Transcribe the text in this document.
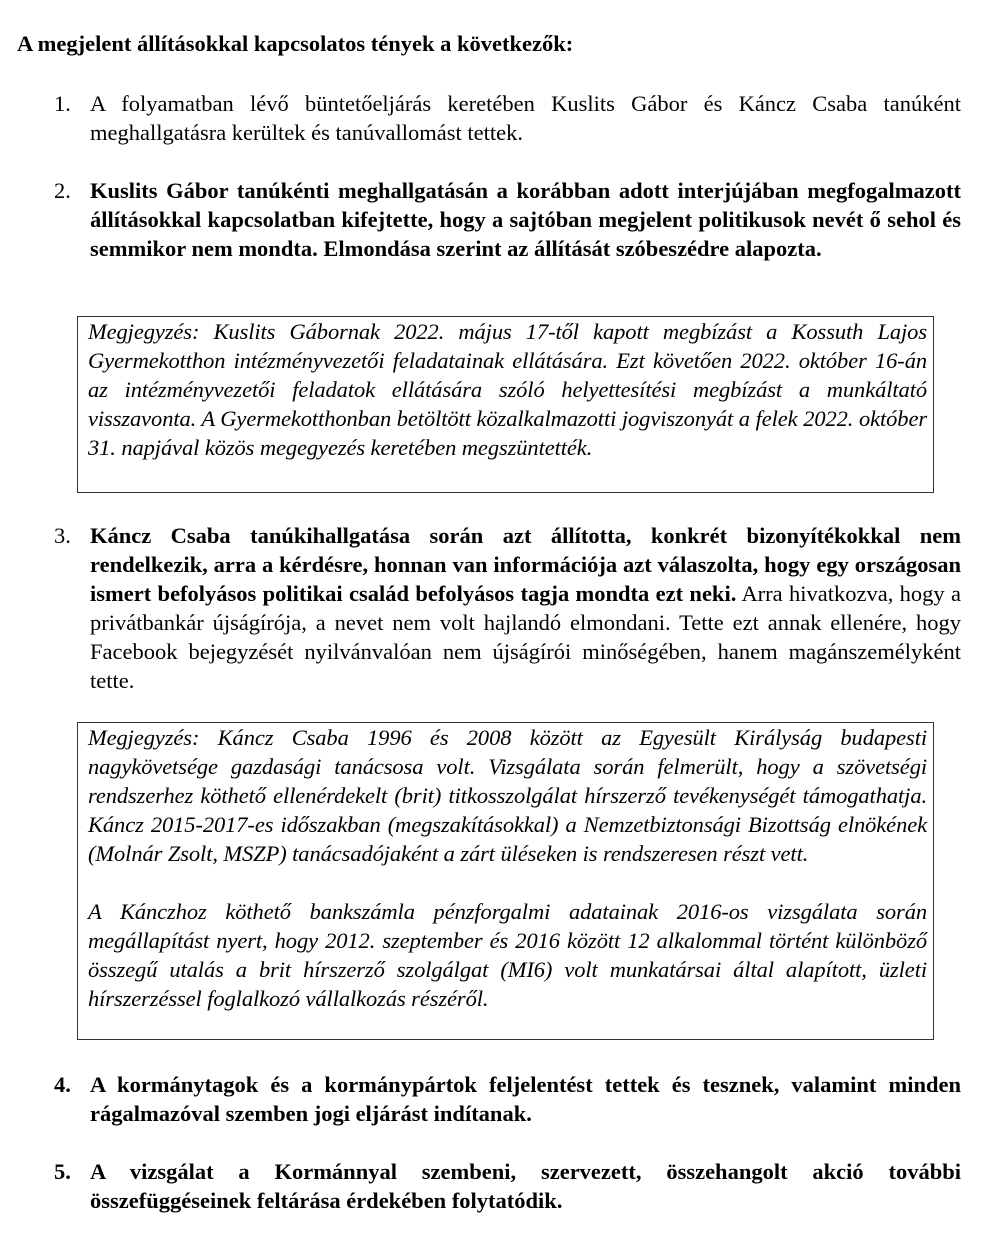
A megjelent állításokkal kapcsolatos tények a következők:

1. A folyamatban lévő büntetőeljárás keretében Kuslits Gábor és Káncz Csaba tanúként meghallgatásra kerültek és tanúvallomást tettek.
2. Kuslits Gábor tanúkénti meghallgatásán a korábban adott interjújában megfogalmazott állításokkal kapcsolatban kifejtette, hogy a sajtóban megjelent politikusok nevét ő sehol és semmikor nem mondta. Elmondása szerint az állítását szóbeszédre alapozta.

Megjegyzés: Kuslits Gábornak 2022. május 17-től kapott megbízást a Kossuth Lajos Gyermekotthon intézményvezetői feladatainak ellátására. Ezt követően 2022. október 16-án az intézményvezetői feladatok ellátására szóló helyettesítési megbízást a munkáltató visszavonta. A Gyermekotthonban betöltött közalkalmazotti jogviszonyát a felek 2022. október 31. napjával közös megegyezés keretében megszüntették.

3. Káncz Csaba tanúkihallgatása során azt állította, konkrét bizonyítékokkal nem rendelkezik, arra a kérdésre, honnan van információja azt válaszolta, hogy egy országosan ismert befolyásos politikai család befolyásos tagja mondta ezt neki. Arra hivatkozva, hogy a privátbankár újságírója, a nevet nem volt hajlandó elmondani. Tette ezt annak ellenére, hogy Facebook bejegyzését nyilvánvalóan nem újságírói minőségében, hanem magánszemélyként tette.

Megjegyzés: Káncz Csaba 1996 és 2008 között az Egyesült Királyság budapesti nagykövetsége gazdasági tanácsosa volt. Vizsgálata során felmerült, hogy a szövetségi rendszerhez köthető ellenérdekelt (brit) titkosszolgálat hírszerző tevékenységét támogathatja. Káncz 2015-2017-es időszakban (megszakításokkal) a Nemzetbiztonsági Bizottság elnökének (Molnár Zsolt, MSZP) tanácsadójaként a zárt üléseken is rendszeresen részt vett.

A Kánczhoz köthető bankszámla pénzforgalmi adatainak 2016-os vizsgálata során megállapítást nyert, hogy 2012. szeptember és 2016 között 12 alkalommal történt különböző összegű utalás a brit hírszerző szolgálgat (MI6) volt munkatársai által alapított, üzleti hírszerzéssel foglalkozó vállalkozás részéről.

4. A kormánytagok és a kormánypártok feljelentést tettek és tesznek, valamint minden rágalmazóval szemben jogi eljárást indítanak.
5. A vizsgálat a Kormánnyal szembeni, szervezett, összehangolt akció további összefüggéseinek feltárása érdekében folytatódik.
